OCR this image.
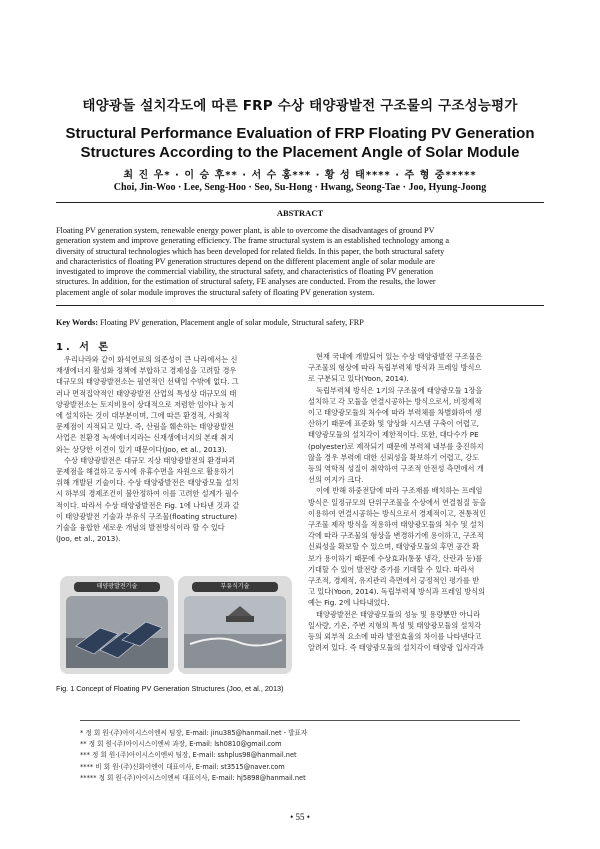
태양광돌 설치각도에 따른 FRP 수상 태양광발전 구조물의 구조성능평가
Structural Performance Evaluation of FRP Floating PV Generation
Structures According to the Placement Angle of Solar Module
최 진 우* · 이 승 후** · 서 수 홍*** · 황 성 태**** · 주 형 중*****
Choi, Jin-Woo · Lee, Seng-Hoo · Seo, Su-Hong · Hwang, Seong-Tae · Joo, Hyung-Joong
ABSTRACT
Floating PV generation system, renewable energy power plant, is able to overcome the disadvantages of ground PV
generation system and improve generating efficiency. The frame structural system is an established technology among a
diversity of structural technologies which has been developed for related fields. In this paper, the both structural safety
and characteristics of floating PV generation structures depend on the different placement angle of solar module are
investigated to improve the commercial viability, the structural safety, and characteristics of floating PV generation
structures. In addition, for the estimation of structural safety, FE analyses are conducted. From the results, the lower
placement angle of solar module improves the structural safety of floating PV generation system.
Key Words: Floating PV generation, Placement angle of solar module, Structural safety, FRP
1. 서 론
우리나라와 같이 화석연료의 의존성이 큰 나라에서는 신
재생에너지 활성화 정책에 부합하고 경제성을 고려할 경우
대규모의 태양광발전소는 필연적인 선택일 수밖에 없다. 그
러나 면적집약적인 태양광발전 산업의 특성상 대규모의 태
양광발전소는 토지비용이 상대적으로 저렴한 임야나 농지
에 설치하는 것이 대부분이며, 그에 따른 환경적, 사회적
문제점이 지적되고 있다. 즉, 산림을 훼손하는 태양광발전
사업은 친환경 녹색에너지라는 신재생에너지의 본래 취지
와는 상당한 이견이 있기 때문이다(Joo, et al., 2013).
수상 태양광발전은 대규모 지상 태양광발전의 환경파괴
문제점을 해결하고 동시에 유휴수면을 자원으로 활용하기
위해 개발된 기술이다. 수상 태양광발전은 태양광모듈 설치
시 하부의 경제조건이 불안정하여 이를 고려한 설계가 필수
적이다. 따라서 수상 태양광발전은 Fig. 1에 나타낸 것과 같
이 태양광발전 기술과 부유식 구조물(floating structure)
기술을 융합한 새로운 개념의 발전방식이라 할 수 있다
(Joo, et al., 2013).
태양광발전기술	부유식기술
Fig. 1 Concept of Floating PV Generation Structures (Joo, et al., 2013)
현재 국내에 개발되어 있는 수상 태양광발전 구조물은
구조물의 형상에 따라 독립부력체 방식과 프레임 방식으
로 구분되고 있다(Yoon, 2014).
독립부력체 방식은 1기의 구조물에 태양광모듈 1장을
설치하고 각 모듈을 연결시공하는 방식으로서, 비정제적
이고 태양광모듈의 처수에 따라 부력체를 차별화하여 생
산하기 때문에 표준화 및 양상화 시스템 구축이 어렵고,
태양광모듈의 설치각이 제한적이다. 또한, 대다수가 PE
(polyester)로 제작되기 때문에 부력체 내부를 충진하지
않을 경우 부력에 대한 신뢰성을 확보하기 어렵고, 강도
등의 역학적 성질이 취약하여 구조적 안전성 측면에서 개
선의 여지가 크다.
이에 반해 하중전달에 따라 구조재를 배치하는 프레임
방식은 일정규모의 단위구조물을 수상에서 연결침질 등을
이용하여 연결시공하는 방식으로서 경제적이고, 전통적인
구조물 제작 방식을 적용하여 태양광모듈의 처수 및 설치
각에 따라 구조물의 형상을 변경하기에 용이하고, 구조적
신뢰성을 확보할 수 있으며, 태양광모듈의 후면 공간 확
보가 용이하기 때문에 수상효과(통풍 냉각, 산란과 등)를
기대할 수 있어 발전량 증가를 기대할 수 있다. 따라서
구조적, 경제적, 유지관리 측면에서 긍정적인 평가를 받
고 있다(Yoon, 2014). 독립부력체 방식과 프레임 방식의
예는 Fig. 2에 나타내었다.
태양광발전은 태양광모듈의 성능 및 용량뿐만 아니라
일사량, 기온, 주변 지형의 특성 및 태양광모듈의 설치각
등의 외부적 요소에 따라 발전효율의 차이를 나타낸다고
알려져 있다. 즉 태양광모듈의 설치각이 태양광 입사각과
* 정 회 원·(주)아이시스이엔씨 팀장, E-mail: jinu385@hanmail.net - 발표자
** 정 회 원·(주)아이시스이엔씨 과장, E-mail: lsh0810@gmail.com
*** 정 회 원·(주)아이시스이엔씨 팀장, E-mail: sshplus98@hanmail.net
**** 비 회 원·(주)신화이엔이 대표이사, E-mail: st3515@naver.com
***** 정 회 원·(주)아이시스이엔씨 대표이사, E-mail: hj5898@hanmail.net
• 55 •
